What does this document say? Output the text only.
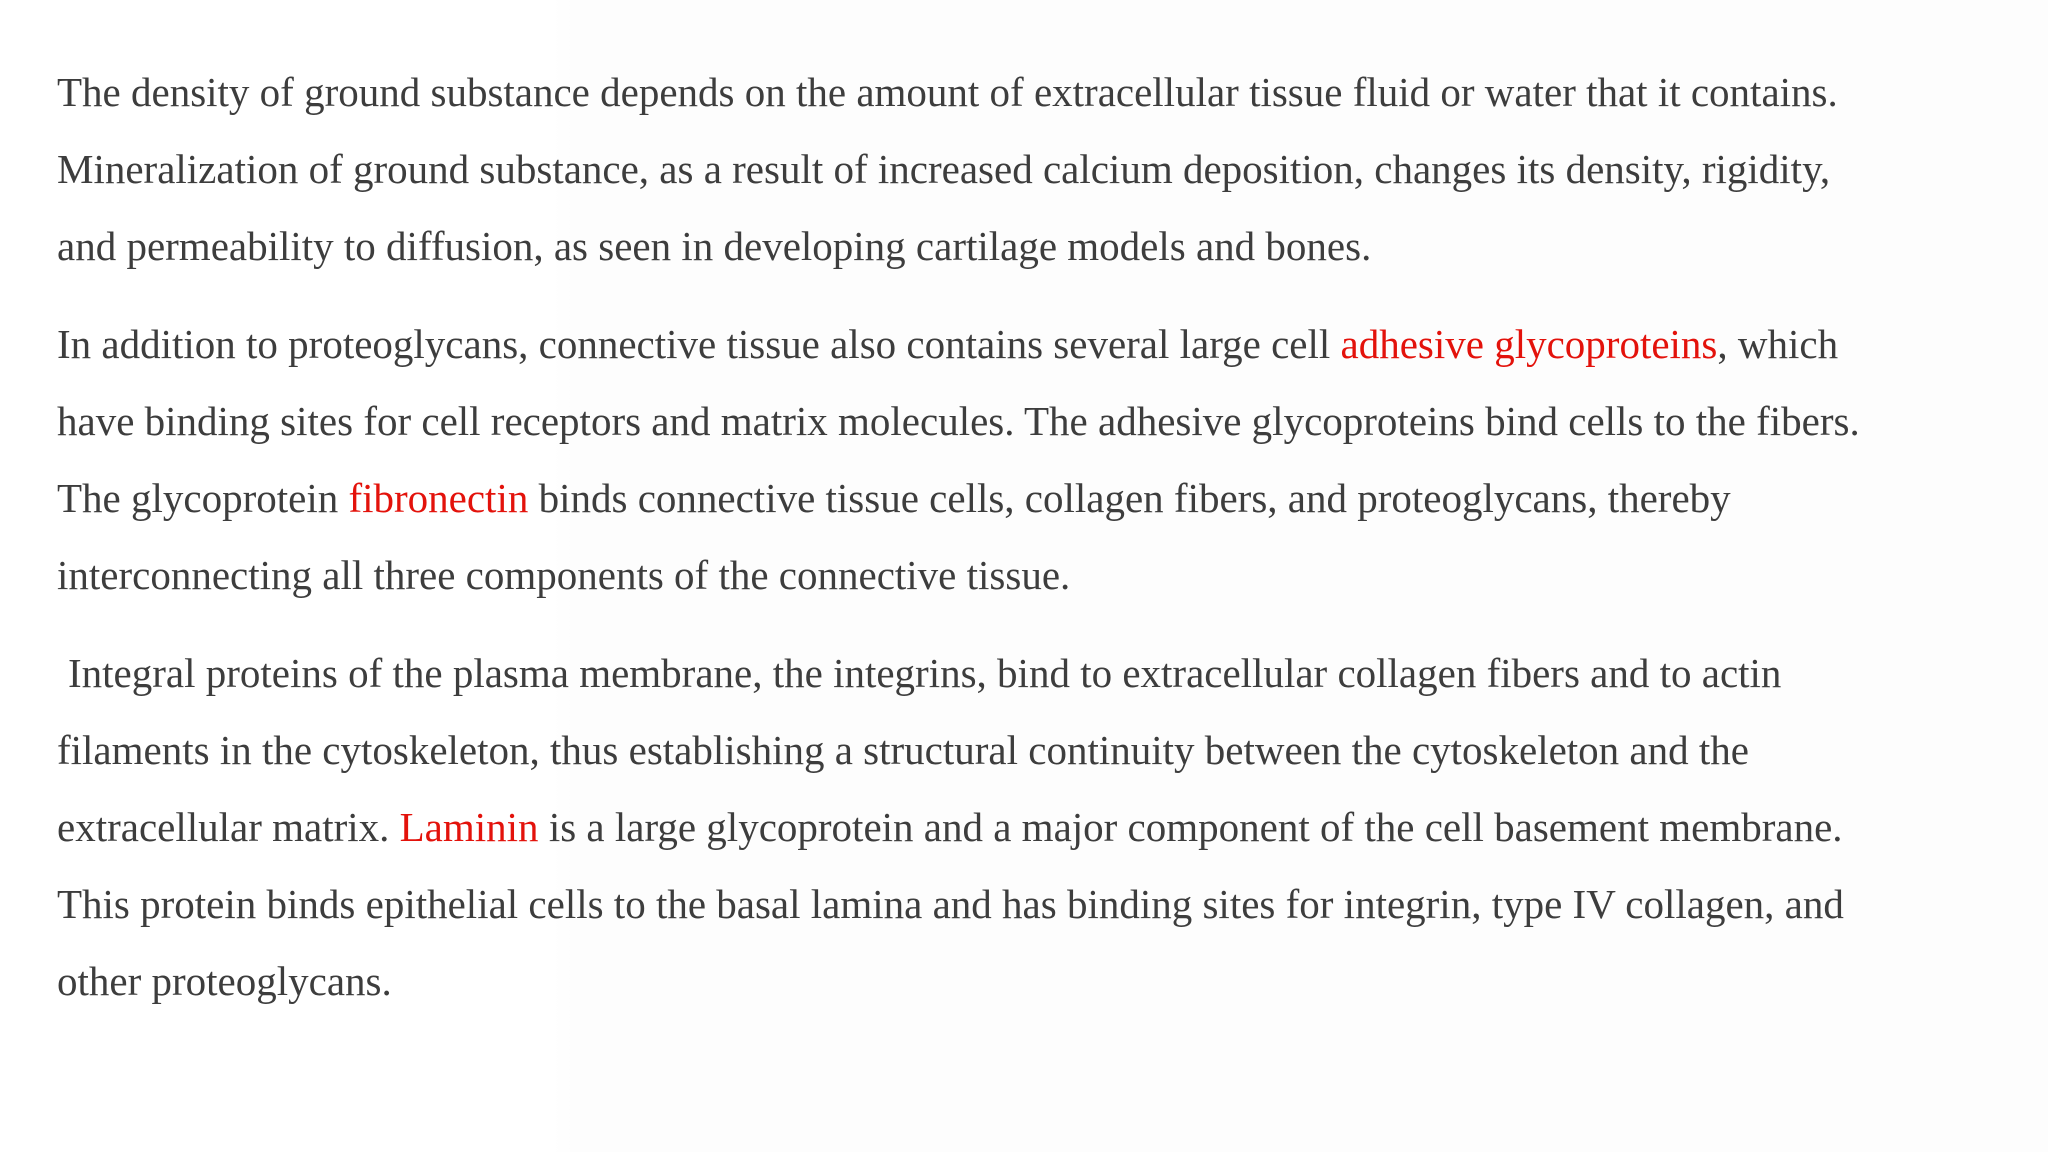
The density of ground substance depends on the amount of extracellular tissue fluid or water that it contains.
Mineralization of ground substance, as a result of increased calcium deposition, changes its density, rigidity,
and permeability to diffusion, as seen in developing cartilage models and bones.
In addition to proteoglycans, connective tissue also contains several large cell adhesive glycoproteins, which
have binding sites for cell receptors and matrix molecules. The adhesive glycoproteins bind cells to the fibers.
The glycoprotein fibronectin binds connective tissue cells, collagen fibers, and proteoglycans, thereby
interconnecting all three components of the connective tissue.
Integral proteins of the plasma membrane, the integrins, bind to extracellular collagen fibers and to actin
filaments in the cytoskeleton, thus establishing a structural continuity between the cytoskeleton and the
extracellular matrix. Laminin is a large glycoprotein and a major component of the cell basement membrane.
This protein binds epithelial cells to the basal lamina and has binding sites for integrin, type IV collagen, and
other proteoglycans.
